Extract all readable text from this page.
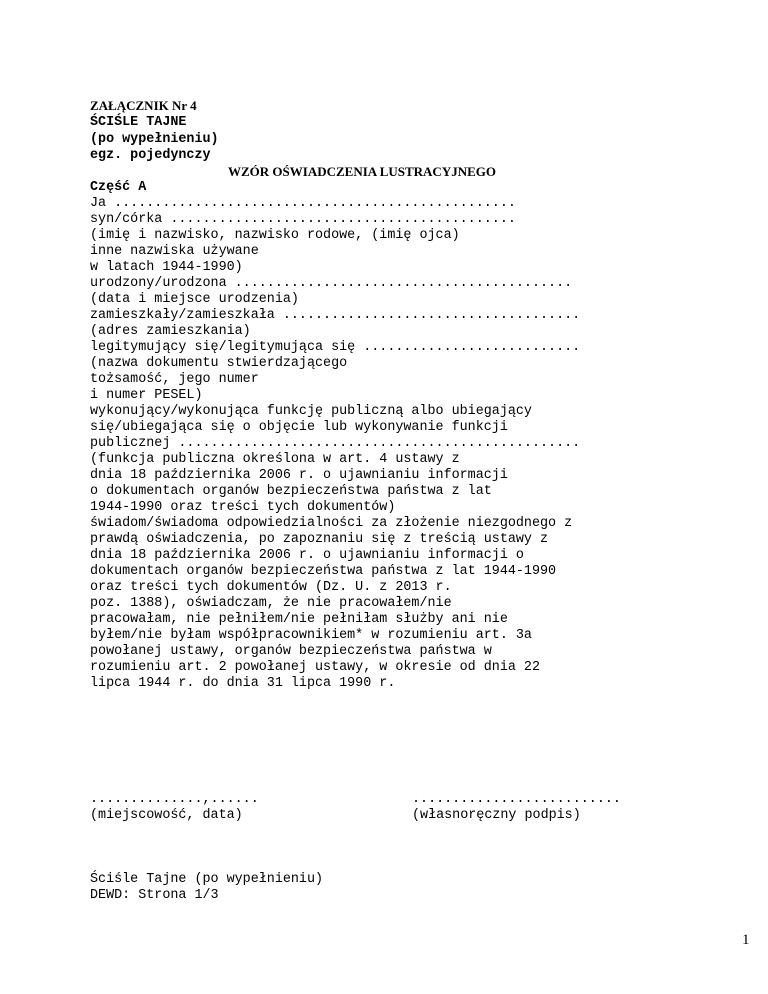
ZAŁĄCZNIK Nr 4
ŚCIŚLE TAJNE
(po wypełnieniu)
egz. pojedynczy
WZÓR OŚWIADCZENIA LUSTRACYJNEGO
Część A
Ja ..................................................
syn/córka ...........................................
(imię i nazwisko, nazwisko rodowe, (imię ojca)
inne nazwiska używane
w latach 1944-1990)
urodzony/urodzona ..........................................
(data i miejsce urodzenia)
zamieszkały/zamieszkała .....................................
(adres zamieszkania)
legitymujący się/legitymująca się ...........................
(nazwa dokumentu stwierdzającego
tożsamość, jego numer
i numer PESEL)
wykonujący/wykonująca funkcję publiczną albo ubiegający
się/ubiegająca się o objęcie lub wykonywanie funkcji
publicznej ..................................................
(funkcja publiczna określona w art. 4 ustawy z
dnia 18 października 2006 r. o ujawnianiu informacji
o dokumentach organów bezpieczeństwa państwa z lat
1944-1990 oraz treści tych dokumentów)
świadom/świadoma odpowiedzialności za złożenie niezgodnego z
prawdą oświadczenia, po zapoznaniu się z treścią ustawy z
dnia 18 października 2006 r. o ujawnianiu informacji o
dokumentach organów bezpieczeństwa państwa z lat 1944-1990
oraz treści tych dokumentów (Dz. U. z 2013 r.
poz. 1388), oświadczam, że nie pracowałem/nie
pracowałam, nie pełniłem/nie pełniłam służby ani nie
byłem/nie byłam współpracownikiem* w rozumieniu art. 3a
powołanej ustawy, organów bezpieczeństwa państwa w
rozumieniu art. 2 powołanej ustawy, w okresie od dnia 22
lipca 1944 r. do dnia 31 lipca 1990 r.
..............,......
(miejscowość, data)
..........................
(własnoręczny podpis)
Ściśle Tajne (po wypełnieniu)
DEWD: Strona 1/3
1
